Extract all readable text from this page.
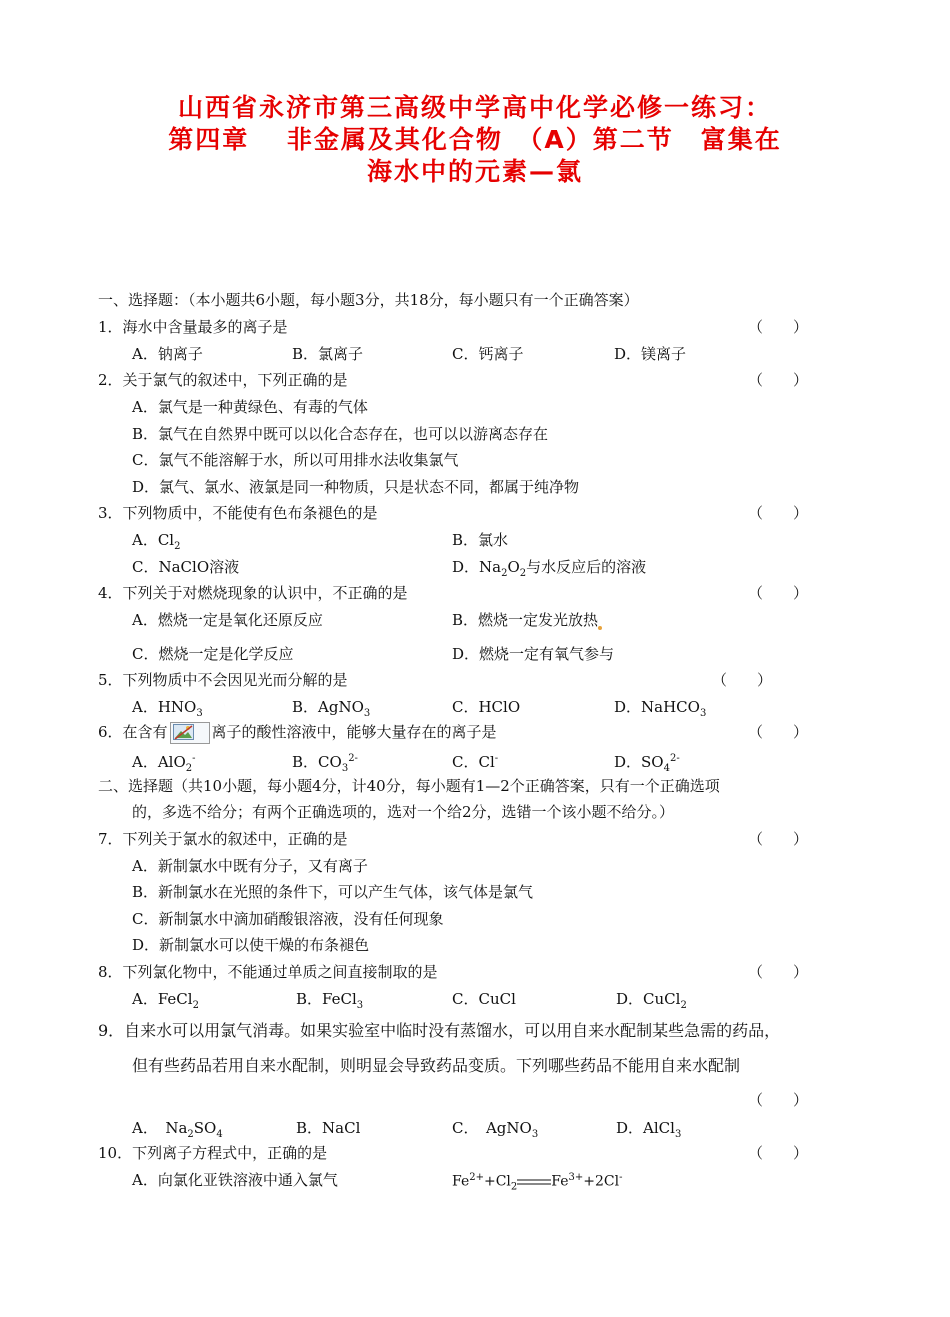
山西省永济市第三高级中学高中化学必修一练习：
第四章　 非金属及其化合物　（A）第二节　富集在
海水中的元素—氯
一、选择题：（本小题共6小题，每小题3分，共18分，每小题只有一个正确答案）
1．海水中含量最多的离子是	（　　）
A．钠离子	B．氯离子	C．钙离子	D．镁离子
2．关于氯气的叙述中，下列正确的是	（　　）
A．氯气是一种黄绿色、有毒的气体
B．氯气在自然界中既可以以化合态存在，也可以以游离态存在
C．氯气不能溶解于水，所以可用排水法收集氯气
D．氯气、氯水、液氯是同一种物质，只是状态不同，都属于纯净物
3．下列物质中，不能使有色布条褪色的是	（　　）
A．$Cl_2$	B．氯水
C．NaClO溶液	D．$Na_2O_2$与水反应后的溶液
4．下列关于对燃烧现象的认识中，不正确的是	（　　）
A．燃烧一定是氧化还原反应	B．燃烧一定发光放热
C．燃烧一定是化学反应	D．燃烧一定有氧气参与
5．下列物质中不会因见光而分解的是	（　　）
A．$HNO_3$	B．AgNO$_3$	C．HClO	D．NaHCO$_3$
6．在含有	离子的酸性溶液中，能够大量存在的离子是	（　　）
A．AlO$_2$-	B．$CO_3^{2-}$	C．Cl-	D．$SO_4^{2-}$
二、选择题（共10小题，每小题4分，计40分，每小题有1—2个正确答案，只有一个正确选项
的，多选不给分；有两个正确选项的，选对一个给2分，选错一个该小题不给分。）
7．下列关于氯水的叙述中，正确的是	（　　）
A．新制氯水中既有分子，又有离子
B．新制氯水在光照的条件下，可以产生气体，该气体是氯气
C．新制氯水中滴加硝酸银溶液，没有任何现象
D．新制氯水可以使干燥的布条褪色
8．下列氯化物中，不能通过单质之间直接制取的是	（　　）
A．FeCl$_2$	B．FeCl$_3$	C．CuCl	D．CuCl$_2$
9．自来水可以用氯气消毒。如果实验室中临时没有蒸馏水，可以用自来水配制某些急需的药品，
但有些药品若用自来水配制，则明显会导致药品变质。下列哪些药品不能用自来水配制
（　　）
A．　$Na_2SO_4$	B．NaCl	C．　AgNO$_3$	D．AlCl$_3$
10．下列离子方程式中，正确的是	（　　）
A．向氯化亚铁溶液中通入氯气	$Fe^{2+}+Cl_2$ $Fe^{3+}+2Cl^-$
